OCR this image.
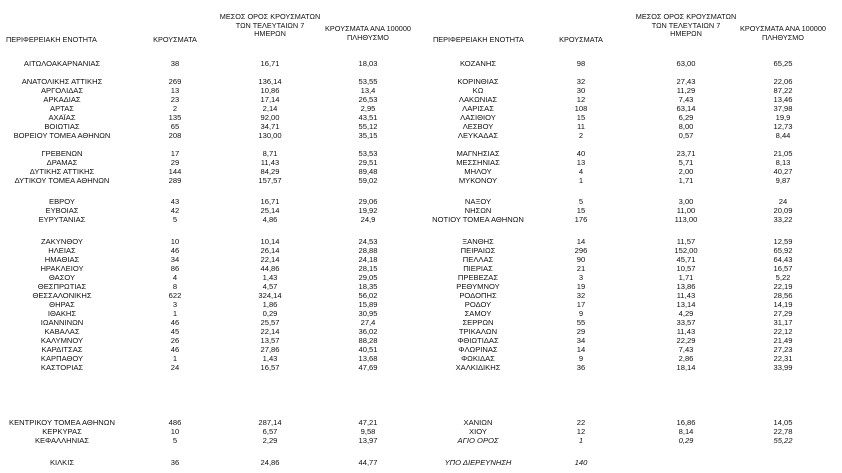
ΠΕΡΙΦΕΡΕΙΑΚΗ ΕΝΟΤΗΤΑ	ΚΡΟΥΣΜΑΤΑ
ΜΕΣΟΣ ΟΡΟΣ ΚΡΟΥΣΜΑΤΩΝ
ΤΩΝ ΤΕΛΕΥΤΑΙΩΝ 7
ΗΜΕΡΩΝ
ΚΡΟΥΣΜΑΤΑ ΑΝΑ 100000
ΠΛΗΘΥΣΜΟ	ΠΕΡΙΦΕΡΕΙΑΚΗ ΕΝΟΤΗΤΑ	ΚΡΟΥΣΜΑΤΑ
ΜΕΣΟΣ ΟΡΟΣ ΚΡΟΥΣΜΑΤΩΝ
ΤΩΝ ΤΕΛΕΥΤΑΙΩΝ 7
ΗΜΕΡΩΝ
ΚΡΟΥΣΜΑΤΑ ΑΝΑ 100000
ΠΛΗΘΥΣΜΟ
ΑΙΤΩΛΟΑΚΑΡΝΑΝΙΑΣ	38	16,71	18,03
ΑΝΑΤΟΛΙΚΗΣ ΑΤΤΙΚΗΣ	269	136,14	53,55
ΑΡΓΟΛΙΔΑΣ	13	10,86	13,4
ΑΡΚΑΔΙΑΣ	23	17,14	26,53
ΑΡΤΑΣ	2	2,14	2,95
ΑΧΑΪΑΣ	135	92,00	43,51
ΒΟΙΩΤΙΑΣ	65	34,71	55,12
ΒΟΡΕΙΟΥ ΤΟΜΕΑ ΑΘΗΝΩΝ	208	130,00	35,15
ΓΡΕΒΕΝΩΝ	17	8,71	53,53
ΔΡΑΜΑΣ	29	11,43	29,51
ΔΥΤΙΚΗΣ ΑΤΤΙΚΗΣ	144	84,29	89,48
ΔΥΤΙΚΟΥ ΤΟΜΕΑ ΑΘΗΝΩΝ	289	157,57	59,02
ΕΒΡΟΥ	43	16,71	29,06
ΕΥΒΟΙΑΣ	42	25,14	19,92
ΕΥΡΥΤΑΝΙΑΣ	5	4,86	24,9
ΖΑΚΥΝΘΟΥ	10	10,14	24,53
ΗΛΕΙΑΣ	46	26,14	28,88
ΗΜΑΘΙΑΣ	34	22,14	24,18
ΗΡΑΚΛΕΙΟΥ	86	44,86	28,15
ΘΑΣΟΥ	4	1,43	29,05
ΘΕΣΠΡΩΤΙΑΣ	8	4,57	18,35
ΘΕΣΣΑΛΟΝΙΚΗΣ	622	324,14	56,02
ΘΗΡΑΣ	3	1,86	15,89
ΙΘΑΚΗΣ	1	0,29	30,95
ΙΩΑΝΝΙΝΩΝ	46	25,57	27,4
ΚΑΒΑΛΑΣ	45	22,14	36,02
ΚΑΛΥΜΝΟΥ	26	13,57	88,28
ΚΑΡΔΙΤΣΑΣ	46	27,86	40,51
ΚΑΡΠΑΘΟΥ	1	1,43	13,68
ΚΑΣΤΟΡΙΑΣ	24	16,57	47,69
ΚΕΝΤΡΙΚΟΥ ΤΟΜΕΑ ΑΘΗΝΩΝ	486	287,14	47,21
ΚΕΡΚΥΡΑΣ	10	6,57	9,58
ΚΕΦΑΛΛΗΝΙΑΣ	5	2,29	13,97
ΚΙΛΚΙΣ	36	24,86	44,77
ΚΟΖΑΝΗΣ	98	63,00	65,25
ΚΟΡΙΝΘΙΑΣ	32	27,43	22,06
ΚΩ	30	11,29	87,22
ΛΑΚΩΝΙΑΣ	12	7,43	13,46
ΛΑΡΙΣΑΣ	108	63,14	37,98
ΛΑΣΙΘΙΟΥ	15	6,29	19,9
ΛΕΣΒΟΥ	11	8,00	12,73
ΛΕΥΚΑΔΑΣ	2	0,57	8,44
ΜΑΓΝΗΣΙΑΣ	40	23,71	21,05
ΜΕΣΣΗΝΙΑΣ	13	5,71	8,13
ΜΗΛΟΥ	4	2,00	40,27
ΜΥΚΟΝΟΥ	1	1,71	9,87
ΝΑΞΟΥ	5	3,00	24
ΝΗΣΩΝ	15	11,00	20,09
ΝΟΤΙΟΥ ΤΟΜΕΑ ΑΘΗΝΩΝ	176	113,00	33,22
ΞΑΝΘΗΣ	14	11,57	12,59
ΠΕΙΡΑΙΩΣ	296	152,00	65,92
ΠΕΛΛΑΣ	90	45,71	64,43
ΠΙΕΡΙΑΣ	21	10,57	16,57
ΠΡΕΒΕΖΑΣ	3	1,71	5,22
ΡΕΘΥΜΝΟΥ	19	13,86	22,19
ΡΟΔΟΠΗΣ	32	11,43	28,56
ΡΟΔΟΥ	17	13,14	14,19
ΣΑΜΟΥ	9	4,29	27,29
ΣΕΡΡΩΝ	55	33,57	31,17
ΤΡΙΚΑΛΩΝ	29	11,43	22,12
ΦΘΙΩΤΙΔΑΣ	34	22,29	21,49
ΦΛΩΡΙΝΑΣ	14	7,43	27,23
ΦΩΚΙΔΑΣ	9	2,86	22,31
ΧΑΛΚΙΔΙΚΗΣ	36	18,14	33,99
ΧΑΝΙΩΝ	22	16,86	14,05
ΧΙΟΥ	12	8,14	22,78
ΑΓΙΟ ΟΡΟΣ	1	0,29	55,22
ΥΠΟ ΔΙΕΡΕΥΝΗΣΗ	140
